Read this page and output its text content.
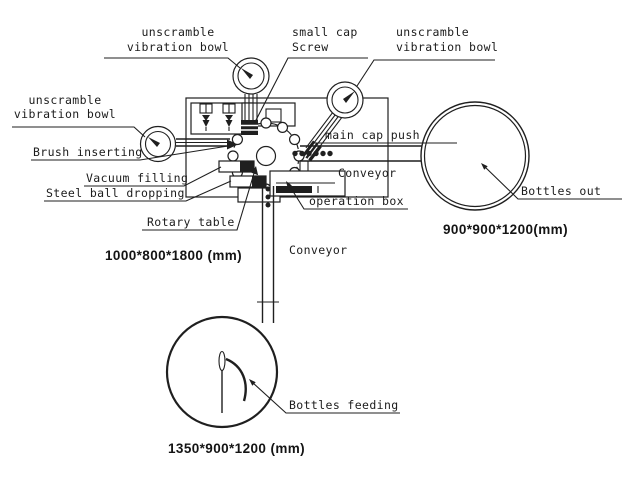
unscramble
vibration bowl
small cap
Screw
unscramble
vibration bowl
unscramble
vibration bowl
Brush inserting
Vacuum filling
Steel ball dropping
Rotary table
main cap push
Conveyor
operation box
Bottles out
Conveyor
Bottles feeding
1000*800*1800 (mm)
900*900*1200(mm)
1350*900*1200 (mm)
